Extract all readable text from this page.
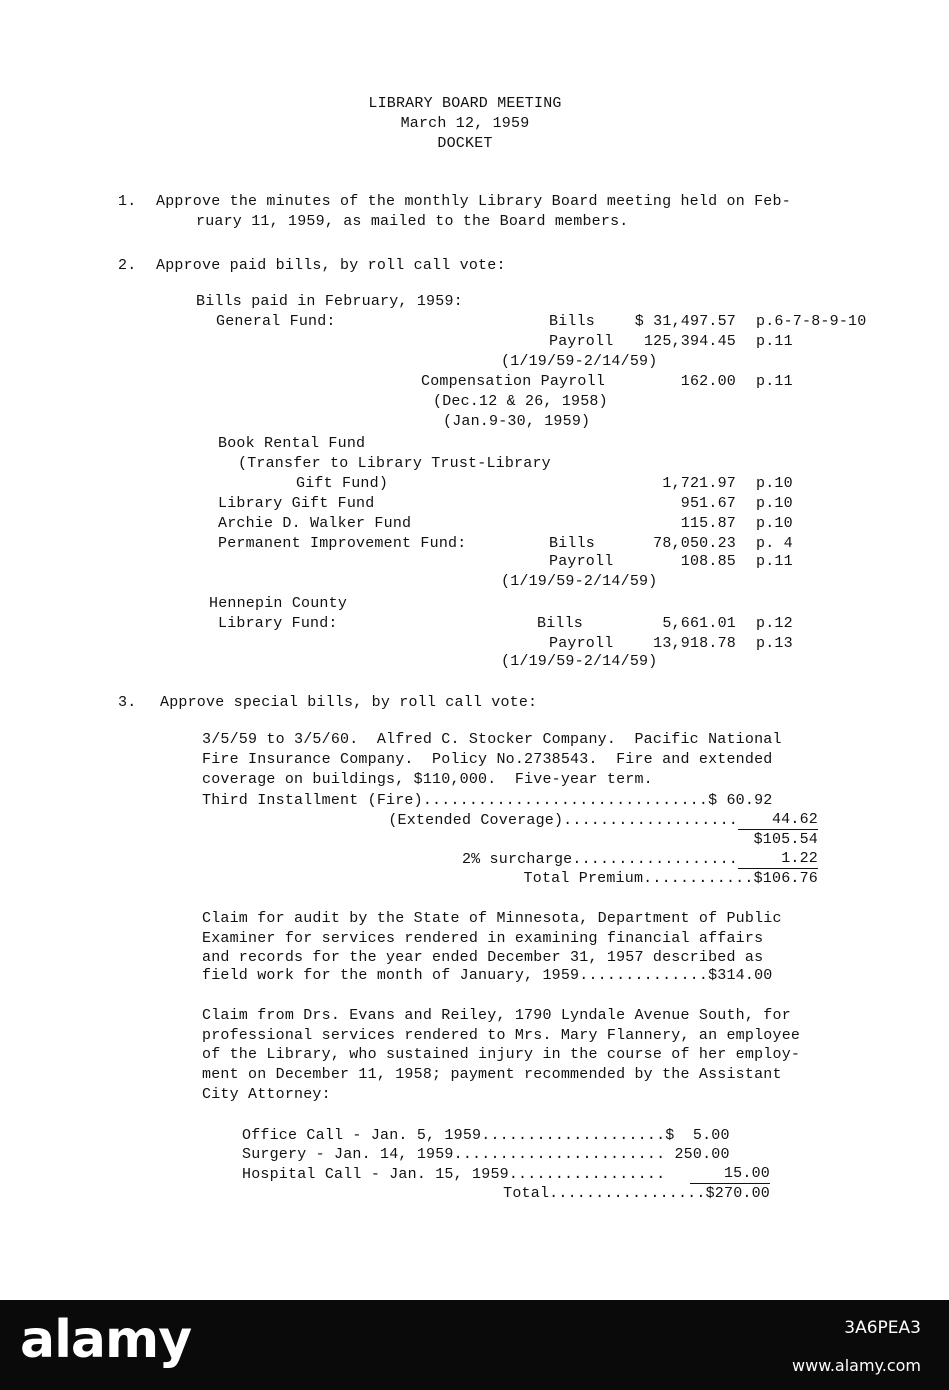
LIBRARY BOARD MEETING
March 12, 1959
DOCKET
1. Approve the minutes of the monthly Library Board meeting held on Feb-
ruary 11, 1959, as mailed to the Board members.
2. Approve paid bills, by roll call vote:
Bills paid in February, 1959:
General Fund:	Bills	$ 31,497.57 p.6-7-8-9-10
Payroll	125,394.45 p.11
(1/19/59-2/14/59)
Compensation Payroll	162.00 p.11
(Dec.12 & 26, 1958)
(Jan.9-30, 1959)
Book Rental Fund
(Transfer to Library Trust-Library
Gift Fund)	1,721.97 p.10
Library Gift Fund	951.67 p.10
Archie D. Walker Fund	115.87 p.10
Permanent Improvement Fund:	Bills	78,050.23 p. 4
Payroll	108.85 p.11
(1/19/59-2/14/59)
Hennepin County
Library Fund:	Bills	5,661.01 p.12
Payroll	13,918.78 p.13
(1/19/59-2/14/59)
3. Approve special bills, by roll call vote:
3/5/59 to 3/5/60.  Alfred C. Stocker Company.  Pacific National
Fire Insurance Company.  Policy No.2738543.  Fire and extended
coverage on buildings, $110,000.  Five-year term.
Third Installment (Fire)...............................$ 60.92
(Extended Coverage)...................	44.62
$105.54
2% surcharge..................	1.22
Total Premium............$106.76
Claim for audit by the State of Minnesota, Department of Public
Examiner for services rendered in examining financial affairs
and records for the year ended December 31, 1957 described as
field work for the month of January, 1959..............$314.00
Claim from Drs. Evans and Reiley, 1790 Lyndale Avenue South, for
professional services rendered to Mrs. Mary Flannery, an employee
of the Library, who sustained injury in the course of her employ-
ment on December 11, 1958; payment recommended by the Assistant
City Attorney:
Office Call - Jan. 5, 1959....................$  5.00
Surgery - Jan. 14, 1959....................... 250.00
Hospital Call - Jan. 15, 1959.................	15.00
Total.................$270.00
alamy	3A6PEA3
www.alamy.com
